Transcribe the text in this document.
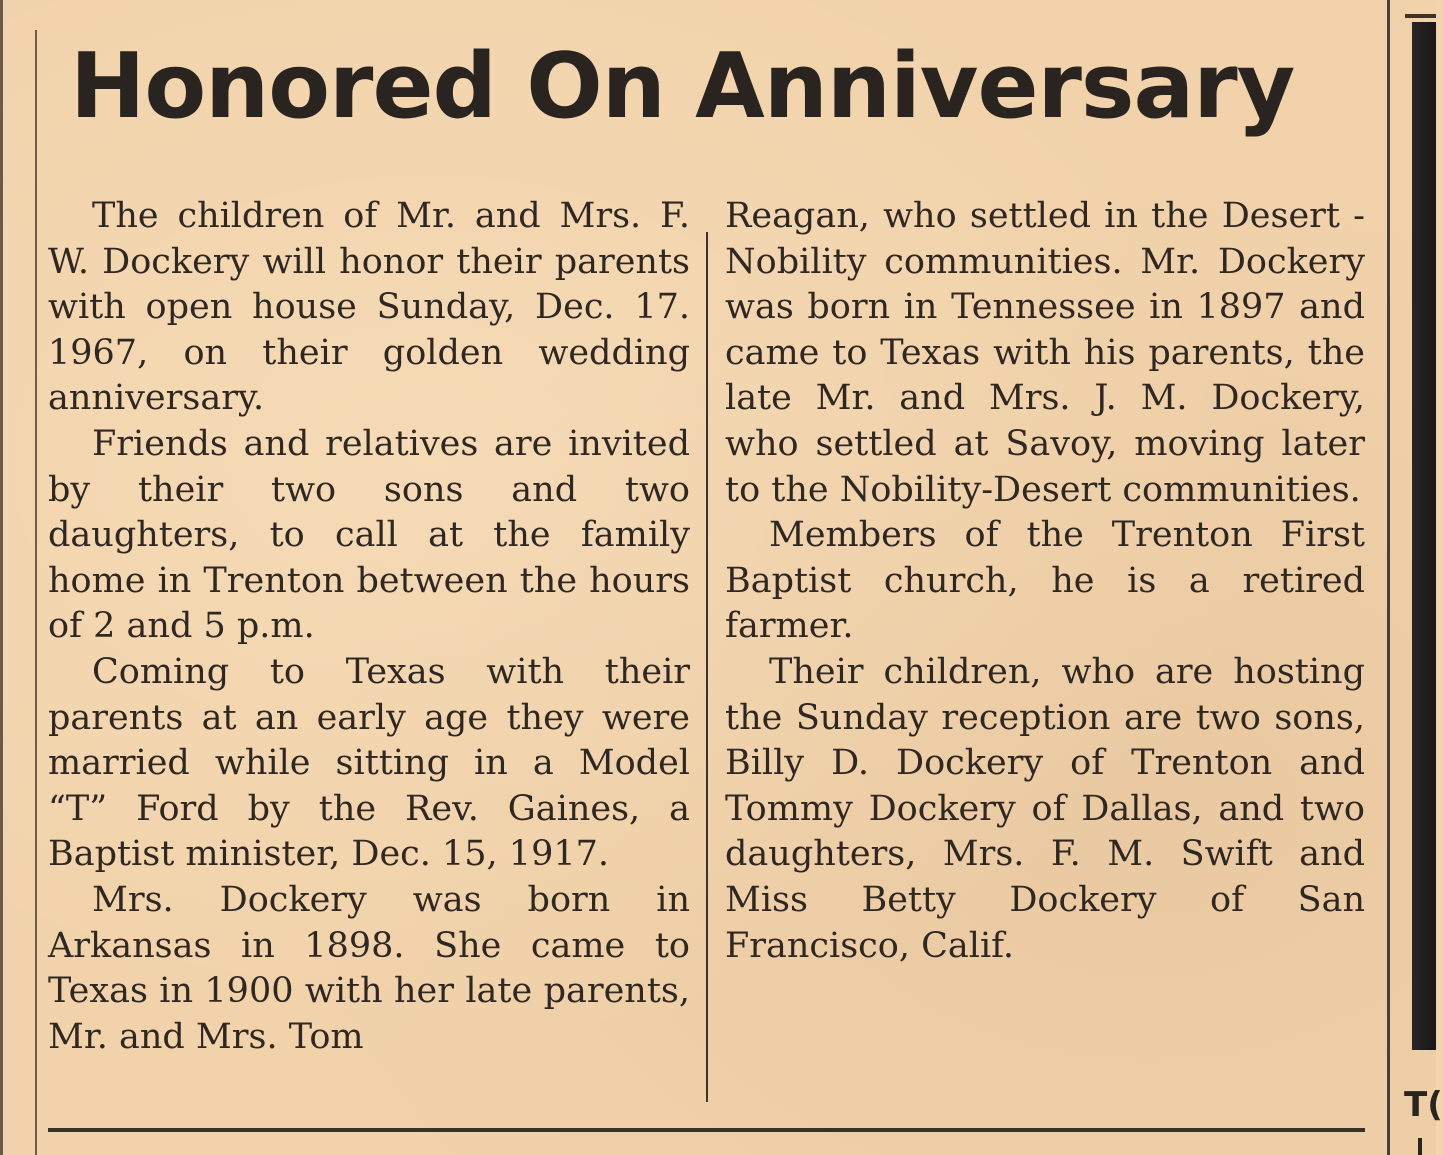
Honored On Anniversary

The children of Mr. and Mrs. F. W. Dockery will honor their parents with open house Sunday, Dec. 17. 1967, on their golden wedding anniversary.

Friends and relatives are invited by their two sons and two daughters, to call at the family home in Trenton between the hours of 2 and 5 p.m.

Coming to Texas with their parents at an early age they were married while sitting in a Model “T” Ford by the Rev. Gaines, a Baptist minister, Dec. 15, 1917.

Mrs. Dockery was born in Arkansas in 1898. She came to Texas in 1900 with her late parents, Mr. and Mrs. Tom

Reagan, who settled in the Desert - Nobility communities. Mr. Dockery was born in Tennessee in 1897 and came to Texas with his parents, the late Mr. and Mrs. J. M. Dockery, who settled at Savoy, moving later to the Nobility-Desert communities.

Members of the Trenton First Baptist church, he is a retired farmer.

Their children, who are hosting the Sunday reception are two sons, Billy D. Dockery of Trenton and Tommy Dockery of Dallas, and two daughters, Mrs. F. M. Swift and Miss Betty Dockery of San Francisco, Calif.

T(
